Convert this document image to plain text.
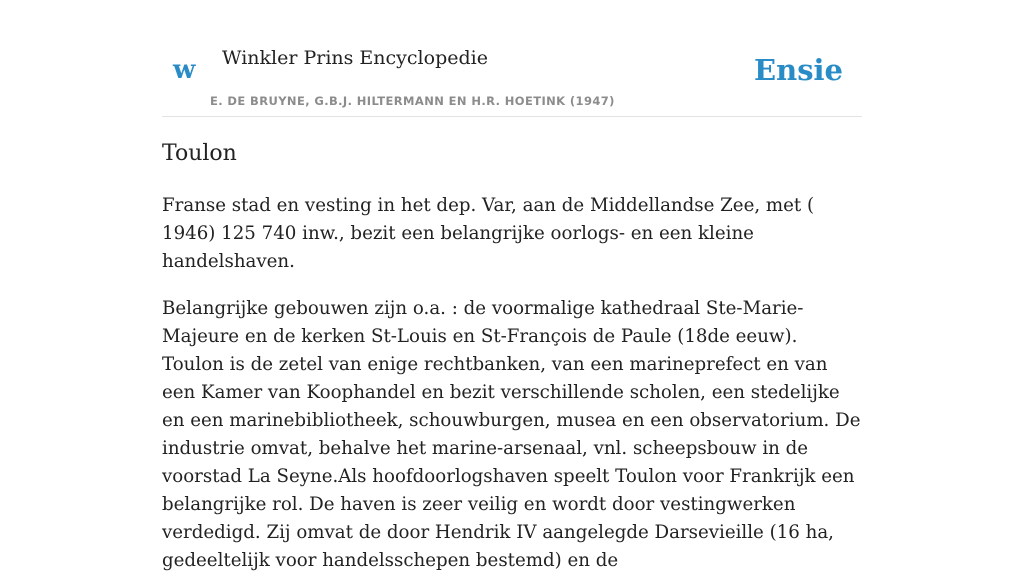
w Winkler Prins Encyclopedie
E. DE BRUYNE, G.B.J. HILTERMANN EN H.R. HOETINK (1947)
Ensie
Toulon

Franse stad en vesting in het dep. Var, aan de Middellandse Zee, met ( 1946) 125 740 inw., bezit een belangrijke oorlogs- en een kleine handelshaven.

Belangrijke gebouwen zijn o.a. : de voormalige kathedraal Ste-Marie-Majeure en de kerken St-Louis en St-François de Paule (18de eeuw). Toulon is de zetel van enige rechtbanken, van een marineprefect en van een Kamer van Koophandel en bezit verschillende scholen, een stedelijke en een marinebibliotheek, schouwburgen, musea en een observatorium. De industrie omvat, behalve het marine-arsenaal, vnl. scheepsbouw in de voorstad La Seyne.Als hoofdoorlogshaven speelt Toulon voor Frankrijk een belangrijke rol. De haven is zeer veilig en wordt door vestingwerken verdedigd. Zij omvat de door Hendrik IV aangelegde Darsevieille (16 ha, gedeeltelijk voor handelsschepen bestemd) en de
